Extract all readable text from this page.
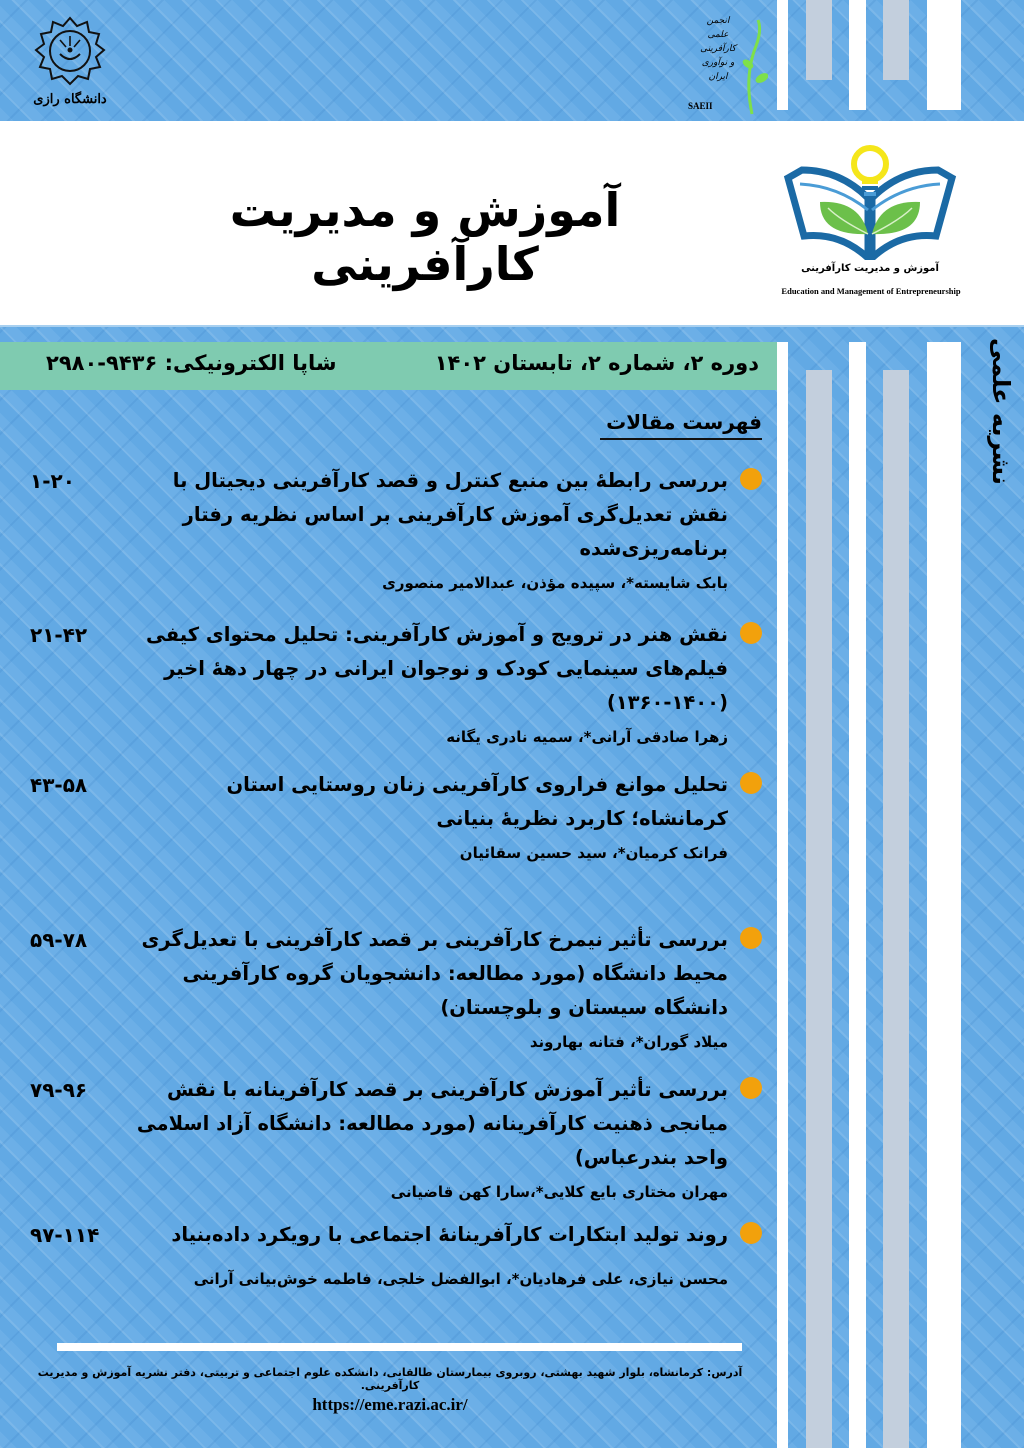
دانشگاه رازی
انجمن
علمی
کارآفرینی
و نوآوری
ایران
SAEII
آموزش و مدیریت کارآفرینی	آموزش و مدیریت کارآفرینی
Education and Management of Entrepreneurship
دوره ۲، شماره ۲، تابستان ۱۴۰۲
شاپا الکترونیکی: ۹۴۳۶-۲۹۸۰	نشریه علمی
فهرست مقالات
بررسی رابطهٔ بین منبع کنترل و قصد کارآفرینی دیجیتال با نقش تعدیل‌گری آموزش کارآفرینی بر اساس نظریه رفتار برنامه‌ریزی‌شده
بابک شایسته*، سپیده مؤذن، عبدالامیر منصوری
۱-۲۰
نقش هنر در ترویج و آموزش کارآفرینی: تحلیل محتوای کیفی فیلم‌های سینمایی کودک و نوجوان ایرانی در چهار دههٔ اخیر (۱۴۰۰-۱۳۶۰)
زهرا صادقی آرانی*، سمیه نادری یگانه
۲۱-۴۲
تحلیل موانع فراروی کارآفرینی زنان روستایی استان کرمانشاه؛ کاربرد نظریهٔ بنیانی
فرانک کرمیان*، سید حسین سقائیان
۴۳-۵۸
بررسی تأثیر نیمرخ کارآفرینی بر قصد کارآفرینی با تعدیل‌گری محیط دانشگاه (مورد مطالعه: دانشجویان گروه کارآفرینی دانشگاه سیستان و بلوچستان)
میلاد گوران*، فتانه بهاروند
۵۹-۷۸
بررسی تأثیر آموزش کارآفرینی بر قصد کارآفرینانه با نقش میانجی ذهنیت کارآفرینانه (مورد مطالعه: دانشگاه آزاد اسلامی واحد بندرعباس)
مهران مختاری بایع کلایی*،سارا کهن قاضیانی
۷۹-۹۶
روند تولید ابتکارات کارآفرینانهٔ اجتماعی با رویکرد داده‌بنیاد
محسن نیازی، علی فرهادیان*، ابوالفضل خلجی، فاطمه خوش‌بیانی آرانی
۹۷-۱۱۴
آدرس: کرمانشاه، بلوار شهید بهشتی، روبروی بیمارستان طالقانی، دانشکده علوم اجتماعی و تربیتی، دفتر نشریه آموزش و مدیریت کارآفرینی.
https://eme.razi.ac.ir/
